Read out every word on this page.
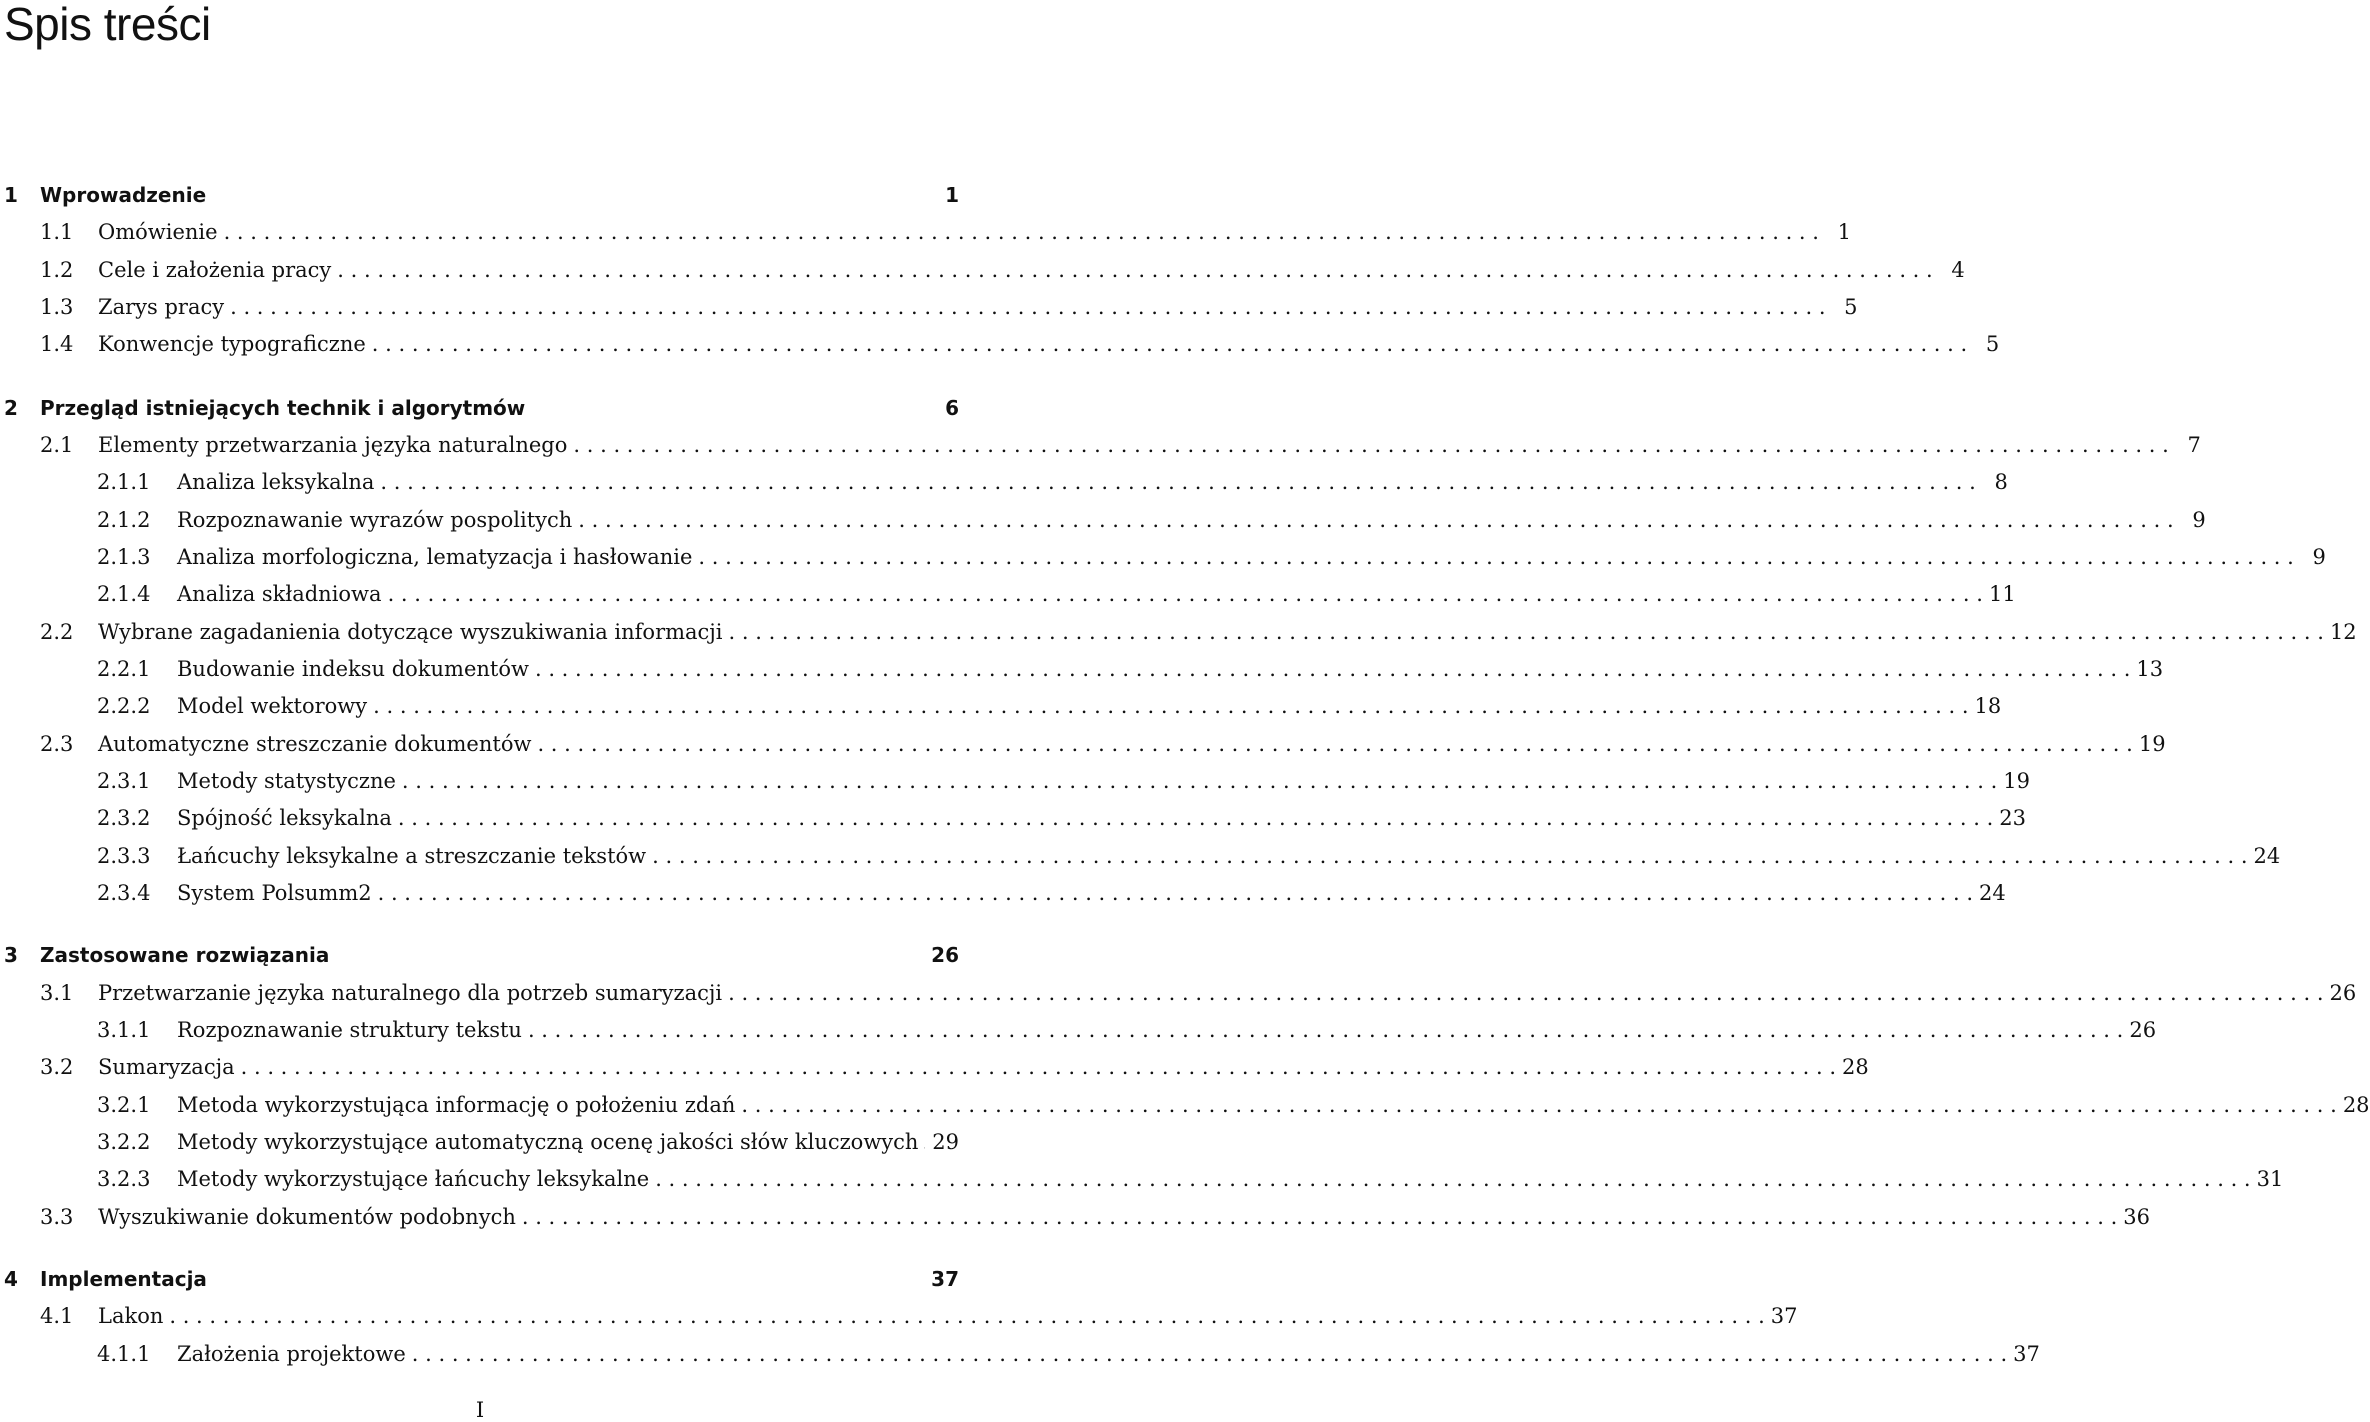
Spis treści
1	Wprowadzenie	1
1.1	Omówienie . . . . . . . . . . . . . . . . . . . . . . . . . . . . . . . . . . . . . . . . . . . . . . . . . . . . . . . . . . . . . . . . . . . . . . . . . . . . . . . . . . . . . . . . . . . . . . . . . . . . . . . . . . . . . . . . . . . . . . . . 1
1.2	Cele i założenia pracy . . . . . . . . . . . . . . . . . . . . . . . . . . . . . . . . . . . . . . . . . . . . . . . . . . . . . . . . . . . . . . . . . . . . . . . . . . . . . . . . . . . . . . . . . . . . . . . . . . . . . . . . . . . . . . . . . . . . . . . . 4
1.3	Zarys pracy . . . . . . . . . . . . . . . . . . . . . . . . . . . . . . . . . . . . . . . . . . . . . . . . . . . . . . . . . . . . . . . . . . . . . . . . . . . . . . . . . . . . . . . . . . . . . . . . . . . . . . . . . . . . . . . . . . . . . . . . 5
1.4	Konwencje typograficzne . . . . . . . . . . . . . . . . . . . . . . . . . . . . . . . . . . . . . . . . . . . . . . . . . . . . . . . . . . . . . . . . . . . . . . . . . . . . . . . . . . . . . . . . . . . . . . . . . . . . . . . . . . . . . . . . . . . . . . . . 5
2	Przegląd istniejących technik i algorytmów	6
2.1	Elementy przetwarzania języka naturalnego . . . . . . . . . . . . . . . . . . . . . . . . . . . . . . . . . . . . . . . . . . . . . . . . . . . . . . . . . . . . . . . . . . . . . . . . . . . . . . . . . . . . . . . . . . . . . . . . . . . . . . . . . . . . . . . . . . . . . . . . 7
2.1.1	Analiza leksykalna . . . . . . . . . . . . . . . . . . . . . . . . . . . . . . . . . . . . . . . . . . . . . . . . . . . . . . . . . . . . . . . . . . . . . . . . . . . . . . . . . . . . . . . . . . . . . . . . . . . . . . . . . . . . . . . . . . . . . . . . 8
2.1.2	Rozpoznawanie wyrazów pospolitych . . . . . . . . . . . . . . . . . . . . . . . . . . . . . . . . . . . . . . . . . . . . . . . . . . . . . . . . . . . . . . . . . . . . . . . . . . . . . . . . . . . . . . . . . . . . . . . . . . . . . . . . . . . . . . . . . . . . . . . . 9
2.1.3	Analiza morfologiczna, lematyzacja i hasłowanie . . . . . . . . . . . . . . . . . . . . . . . . . . . . . . . . . . . . . . . . . . . . . . . . . . . . . . . . . . . . . . . . . . . . . . . . . . . . . . . . . . . . . . . . . . . . . . . . . . . . . . . . . . . . . . . . . . . . . . . . 9
2.1.4	Analiza składniowa . . . . . . . . . . . . . . . . . . . . . . . . . . . . . . . . . . . . . . . . . . . . . . . . . . . . . . . . . . . . . . . . . . . . . . . . . . . . . . . . . . . . . . . . . . . . . . . . . . . . . . . . . . . . . . . . . . . . . . . . 11
2.2	Wybrane zagadanienia dotyczące wyszukiwania informacji . . . . . . . . . . . . . . . . . . . . . . . . . . . . . . . . . . . . . . . . . . . . . . . . . . . . . . . . . . . . . . . . . . . . . . . . . . . . . . . . . . . . . . . . . . . . . . . . . . . . . . . . . . . . . . . . . . . . . . . . 12
2.2.1	Budowanie indeksu dokumentów . . . . . . . . . . . . . . . . . . . . . . . . . . . . . . . . . . . . . . . . . . . . . . . . . . . . . . . . . . . . . . . . . . . . . . . . . . . . . . . . . . . . . . . . . . . . . . . . . . . . . . . . . . . . . . . . . . . . . . . . 13
2.2.2	Model wektorowy . . . . . . . . . . . . . . . . . . . . . . . . . . . . . . . . . . . . . . . . . . . . . . . . . . . . . . . . . . . . . . . . . . . . . . . . . . . . . . . . . . . . . . . . . . . . . . . . . . . . . . . . . . . . . . . . . . . . . . . . 18
2.3	Automatyczne streszczanie dokumentów . . . . . . . . . . . . . . . . . . . . . . . . . . . . . . . . . . . . . . . . . . . . . . . . . . . . . . . . . . . . . . . . . . . . . . . . . . . . . . . . . . . . . . . . . . . . . . . . . . . . . . . . . . . . . . . . . . . . . . . . 19
2.3.1	Metody statystyczne . . . . . . . . . . . . . . . . . . . . . . . . . . . . . . . . . . . . . . . . . . . . . . . . . . . . . . . . . . . . . . . . . . . . . . . . . . . . . . . . . . . . . . . . . . . . . . . . . . . . . . . . . . . . . . . . . . . . . . . . 19
2.3.2	Spójność leksykalna . . . . . . . . . . . . . . . . . . . . . . . . . . . . . . . . . . . . . . . . . . . . . . . . . . . . . . . . . . . . . . . . . . . . . . . . . . . . . . . . . . . . . . . . . . . . . . . . . . . . . . . . . . . . . . . . . . . . . . . . 23
2.3.3	Łańcuchy leksykalne a streszczanie tekstów . . . . . . . . . . . . . . . . . . . . . . . . . . . . . . . . . . . . . . . . . . . . . . . . . . . . . . . . . . . . . . . . . . . . . . . . . . . . . . . . . . . . . . . . . . . . . . . . . . . . . . . . . . . . . . . . . . . . . . . . 24
2.3.4	System Polsumm2 . . . . . . . . . . . . . . . . . . . . . . . . . . . . . . . . . . . . . . . . . . . . . . . . . . . . . . . . . . . . . . . . . . . . . . . . . . . . . . . . . . . . . . . . . . . . . . . . . . . . . . . . . . . . . . . . . . . . . . . . 24
3	Zastosowane rozwiązania	26
3.1	Przetwarzanie języka naturalnego dla potrzeb sumaryzacji . . . . . . . . . . . . . . . . . . . . . . . . . . . . . . . . . . . . . . . . . . . . . . . . . . . . . . . . . . . . . . . . . . . . . . . . . . . . . . . . . . . . . . . . . . . . . . . . . . . . . . . . . . . . . . . . . . . . . . . . 26
3.1.1	Rozpoznawanie struktury tekstu . . . . . . . . . . . . . . . . . . . . . . . . . . . . . . . . . . . . . . . . . . . . . . . . . . . . . . . . . . . . . . . . . . . . . . . . . . . . . . . . . . . . . . . . . . . . . . . . . . . . . . . . . . . . . . . . . . . . . . . . 26
3.2	Sumaryzacja . . . . . . . . . . . . . . . . . . . . . . . . . . . . . . . . . . . . . . . . . . . . . . . . . . . . . . . . . . . . . . . . . . . . . . . . . . . . . . . . . . . . . . . . . . . . . . . . . . . . . . . . . . . . . . . . . . . . . . . . 28
3.2.1	Metoda wykorzystująca informację o położeniu zdań . . . . . . . . . . . . . . . . . . . . . . . . . . . . . . . . . . . . . . . . . . . . . . . . . . . . . . . . . . . . . . . . . . . . . . . . . . . . . . . . . . . . . . . . . . . . . . . . . . . . . . . . . . . . . . . . . . . . . . . . 28
3.2.2	Metody wykorzystujące automatyczną ocenę jakości słów kluczowych 29
3.2.3	Metody wykorzystujące łańcuchy leksykalne . . . . . . . . . . . . . . . . . . . . . . . . . . . . . . . . . . . . . . . . . . . . . . . . . . . . . . . . . . . . . . . . . . . . . . . . . . . . . . . . . . . . . . . . . . . . . . . . . . . . . . . . . . . . . . . . . . . . . . . . 31
3.3	Wyszukiwanie dokumentów podobnych . . . . . . . . . . . . . . . . . . . . . . . . . . . . . . . . . . . . . . . . . . . . . . . . . . . . . . . . . . . . . . . . . . . . . . . . . . . . . . . . . . . . . . . . . . . . . . . . . . . . . . . . . . . . . . . . . . . . . . . . 36
4	Implementacja	37
4.1	Lakon . . . . . . . . . . . . . . . . . . . . . . . . . . . . . . . . . . . . . . . . . . . . . . . . . . . . . . . . . . . . . . . . . . . . . . . . . . . . . . . . . . . . . . . . . . . . . . . . . . . . . . . . . . . . . . . . . . . . . . . . 37
4.1.1	Założenia projektowe . . . . . . . . . . . . . . . . . . . . . . . . . . . . . . . . . . . . . . . . . . . . . . . . . . . . . . . . . . . . . . . . . . . . . . . . . . . . . . . . . . . . . . . . . . . . . . . . . . . . . . . . . . . . . . . . . . . . . . . . 37
I
